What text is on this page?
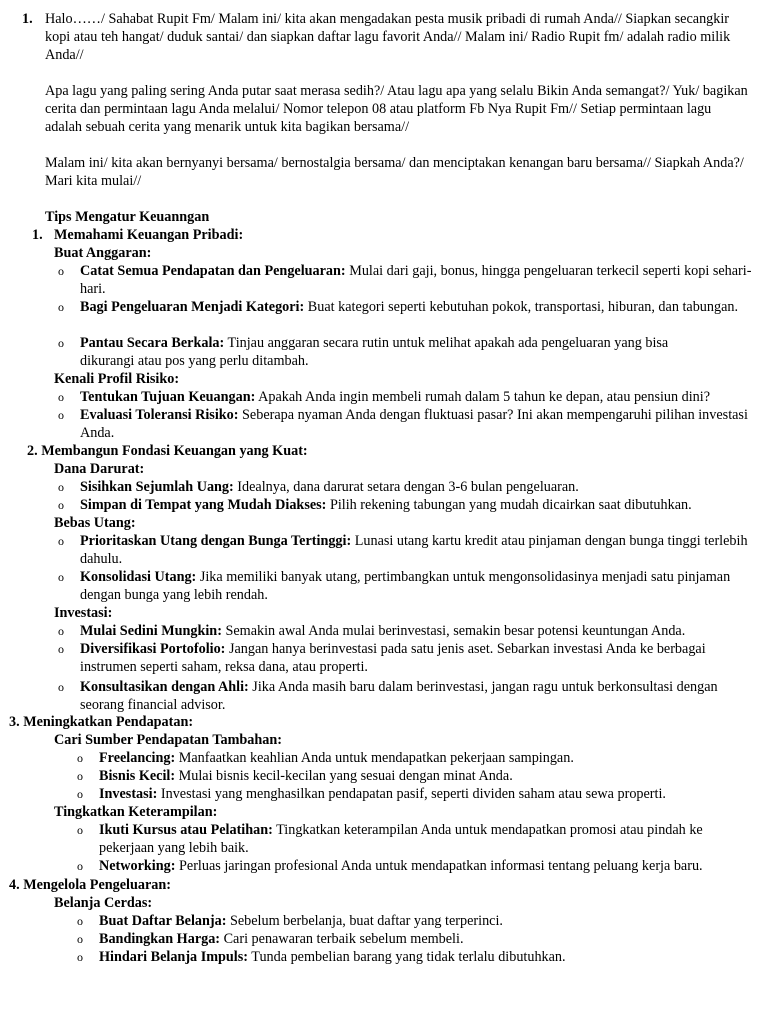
1. Halo……/ Sahabat Rupit Fm/ Malam ini/ kita akan mengadakan pesta musik pribadi di rumah Anda// Siapkan secangkir kopi atau teh hangat/ duduk santai/ dan siapkan daftar lagu favorit Anda// Malam ini/ Radio Rupit fm/ adalah radio milik Anda//

Apa lagu yang paling sering Anda putar saat merasa sedih?/ Atau lagu apa yang selalu Bikin Anda semangat?/ Yuk/ bagikan cerita dan permintaan lagu Anda melalui/ Nomor telepon 08 atau platform Fb Nya Rupit Fm// Setiap permintaan lagu adalah sebuah cerita yang menarik untuk kita bagikan bersama//

Malam ini/ kita akan bernyanyi bersama/ bernostalgia bersama/ dan menciptakan kenangan baru bersama// Siapkah Anda?/ Mari kita mulai//

Tips Mengatur Keuanngan
1. Memahami Keuangan Pribadi:
Buat Anggaran:
o Catat Semua Pendapatan dan Pengeluaran: Mulai dari gaji, bonus, hingga pengeluaran terkecil seperti kopi sehari-hari.

o Bagi Pengeluaran Menjadi Kategori: Buat kategori seperti kebutuhan pokok, transportasi, hiburan, dan tabungan.

o Pantau Secara Berkala: Tinjau anggaran secara rutin untuk melihat apakah ada pengeluaran yang bisa dikurangi atau pos yang perlu ditambah.

Kenali Profil Risiko:
o Tentukan Tujuan Keuangan: Apakah Anda ingin membeli rumah dalam 5 tahun ke depan, atau pensiun dini?

o Evaluasi Toleransi Risiko: Seberapa nyaman Anda dengan fluktuasi pasar? Ini akan mempengaruhi pilihan investasi Anda.

2. Membangun Fondasi Keuangan yang Kuat:
Dana Darurat:
o Sisihkan Sejumlah Uang: Idealnya, dana darurat setara dengan 3-6 bulan pengeluaran.

o Simpan di Tempat yang Mudah Diakses: Pilih rekening tabungan yang mudah dicairkan saat dibutuhkan.

Bebas Utang:
o Prioritaskan Utang dengan Bunga Tertinggi: Lunasi utang kartu kredit atau pinjaman dengan bunga tinggi terlebih dahulu.

o Konsolidasi Utang: Jika memiliki banyak utang, pertimbangkan untuk mengonsolidasinya menjadi satu pinjaman dengan bunga yang lebih rendah.

Investasi:
o Mulai Sedini Mungkin: Semakin awal Anda mulai berinvestasi, semakin besar potensi keuntungan Anda.

o Diversifikasi Portofolio: Jangan hanya berinvestasi pada satu jenis aset. Sebarkan investasi Anda ke berbagai instrumen seperti saham, reksa dana, atau properti.

o Konsultasikan dengan Ahli: Jika Anda masih baru dalam berinvestasi, jangan ragu untuk berkonsultasi dengan seorang financial advisor.

3. Meningkatkan Pendapatan:
Cari Sumber Pendapatan Tambahan:
o Freelancing: Manfaatkan keahlian Anda untuk mendapatkan pekerjaan sampingan.

o Bisnis Kecil: Mulai bisnis kecil-kecilan yang sesuai dengan minat Anda.

o Investasi: Investasi yang menghasilkan pendapatan pasif, seperti dividen saham atau sewa properti.

Tingkatkan Keterampilan:
o Ikuti Kursus atau Pelatihan: Tingkatkan keterampilan Anda untuk mendapatkan promosi atau pindah ke pekerjaan yang lebih baik.

o Networking: Perluas jaringan profesional Anda untuk mendapatkan informasi tentang peluang kerja baru.

4. Mengelola Pengeluaran:
Belanja Cerdas:
o Buat Daftar Belanja: Sebelum berbelanja, buat daftar yang terperinci.

o Bandingkan Harga: Cari penawaran terbaik sebelum membeli.

o Hindari Belanja Impuls: Tunda pembelian barang yang tidak terlalu dibutuhkan.
